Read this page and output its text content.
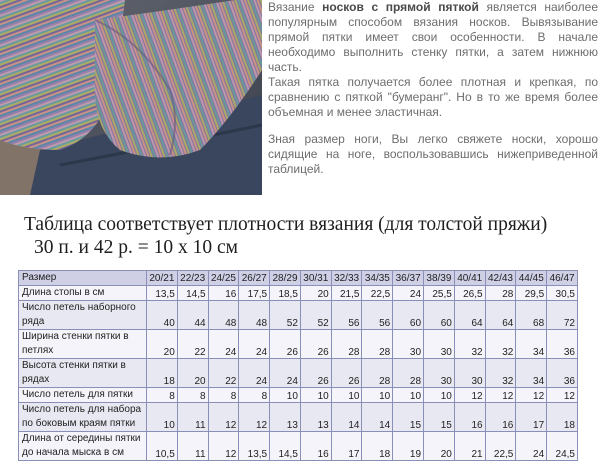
Вязание носков с прямой пяткой является наиболее популярным способом вязания носков. Вывязывание прямой пятки имеет свои особенности. В начале необходимо выполнить стенку пятки, а затем нижнюю часть.

Такая пятка получается более плотная и крепкая, по сравнению с пяткой "бумеранг". Но в то же время более объемная и менее эластичная.

Зная размер ноги, Вы легко свяжете носки, хорошо сидящие на ноге, воспользовавшись нижеприведенной таблицей.

Таблица соответствует плотности вязания (для толстой пряжи)
30 п. и 42 р. = 10 х 10 см
Размер	20/21	22/23	24/25	26/27	28/29	30/31	32/33	34/35	36/37	38/39	40/41	42/43	44/45	46/47
Длина стопы в см	13,5	14,5	16	17,5	18,5	20	21,5	22,5	24	25,5	26,5	28	29,5	30,5
Число петель наборного ряда	40	44	48	48	52	52	56	56	60	60	64	64	68	72
Ширина стенки пятки в петлях	20	22	24	24	26	26	28	28	30	30	32	32	34	36
Высота стенки пятки в рядах	18	20	22	24	24	26	26	28	28	30	30	32	34	36
Число петель для пятки	8	8	8	8	10	10	10	10	10	10	12	12	12	12
Число петель для набора по боковым краям пятки	10	11	12	12	13	13	14	14	15	15	16	16	17	18
Длина от середины пятки до начала мыска в см	10,5	11	12	13,5	14,5	16	17	18	19	20	21	22,5	24	24,5
